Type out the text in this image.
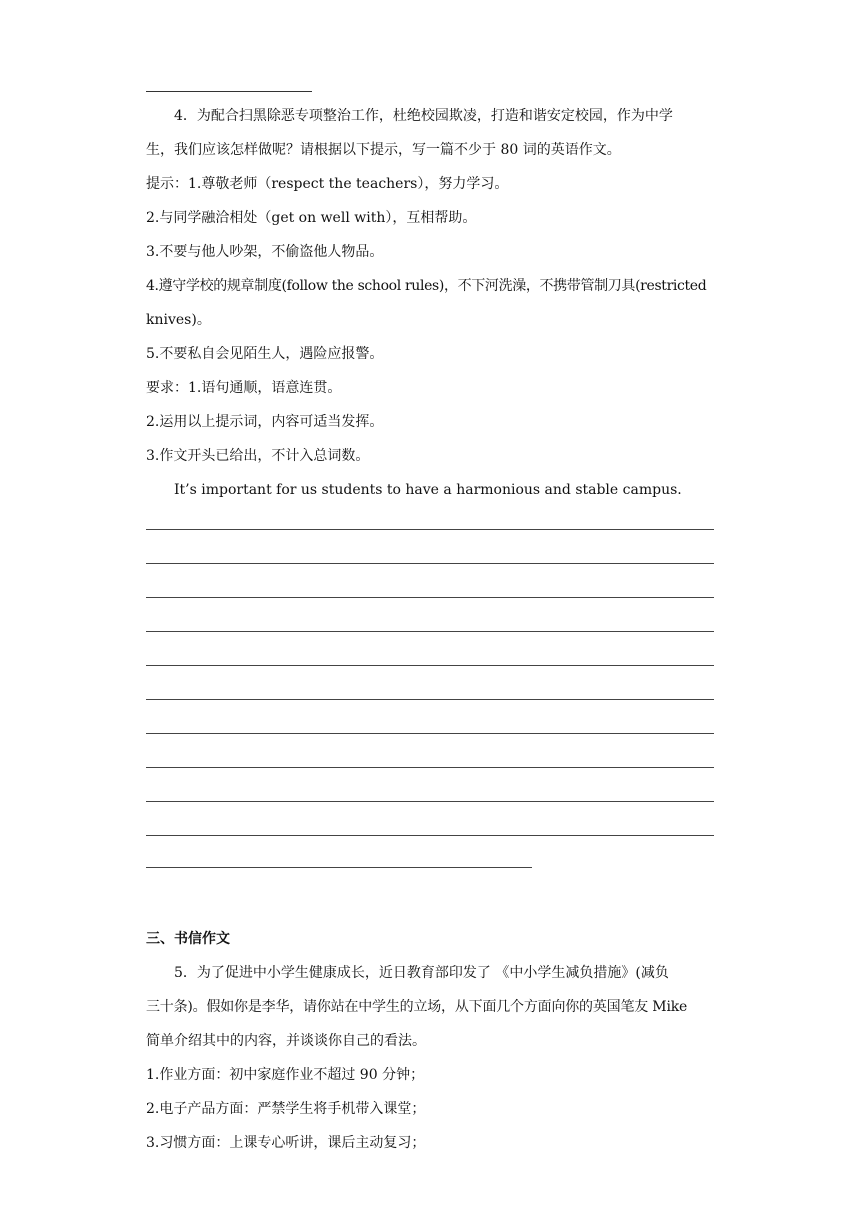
4．为配合扫黑除恶专项整治工作，杜绝校园欺凌，打造和谐安定校园，作为中学
生，我们应该怎样做呢？请根据以下提示，写一篇不少于 80 词的英语作文。
提示：1.尊敬老师（respect the teachers），努力学习。
2.与同学融洽相处（get on well with），互相帮助。
3.不要与他人吵架，不偷盗他人物品。
4.遵守学校的规章制度(follow the school rules)，不下河洗澡，不携带管制刀具(restricted
knives)。
5.不要私自会见陌生人，遇险应报警。
要求：1.语句通顺，语意连贯。
2.运用以上提示词，内容可适当发挥。
3.作文开头已给出，不计入总词数。
It’s important for us students to have a harmonious and stable campus.
三、书信作文
5．为了促进中小学生健康成长，近日教育部印发了 《中小学生减负措施》(减负
三十条)。假如你是李华，请你站在中学生的立场，从下面几个方面向你的英国笔友 Mike
简单介绍其中的内容，并谈谈你自己的看法。
1.作业方面：初中家庭作业不超过 90 分钟；
2.电子产品方面：严禁学生将手机带入课堂；
3.习惯方面：上课专心听讲，课后主动复习；
